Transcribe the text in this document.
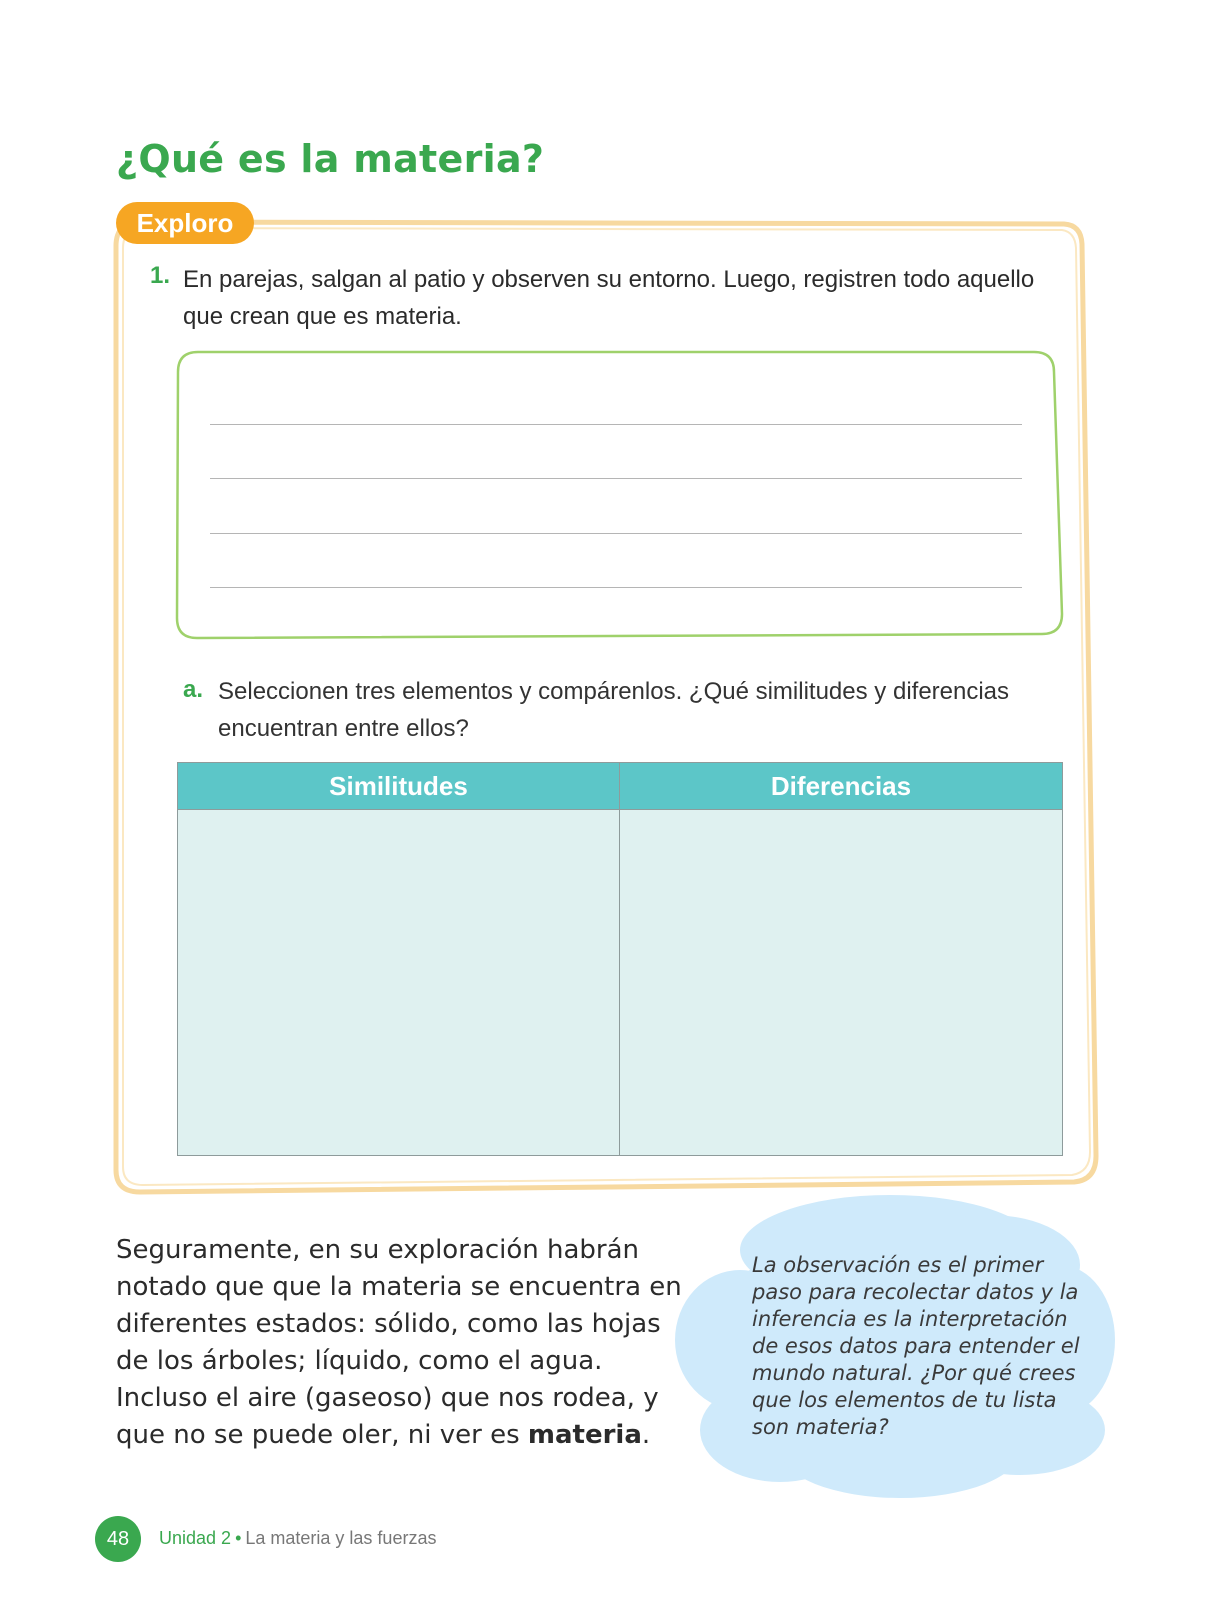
¿Qué es la materia?
Exploro
1. En parejas, salgan al patio y observen su entorno. Luego, registren todo aquello que crean que es materia.
a. Seleccionen tres elementos y compárenlos. ¿Qué similitudes y diferencias encuentran entre ellos?
Similitudes	Diferencias

Seguramente, en su exploración habrán notado que que la materia se encuentra en diferentes estados: sólido, como las hojas de los árboles; líquido, como el agua. Incluso el aire (gaseoso) que nos rodea, y que no se puede oler, ni ver es materia.

La observación es el primer paso para recolectar datos y la inferencia es la interpretación de esos datos para entender el mundo natural. ¿Por qué crees que los elementos de tu lista son materia?

48	Unidad 2 • La materia y las fuerzas
